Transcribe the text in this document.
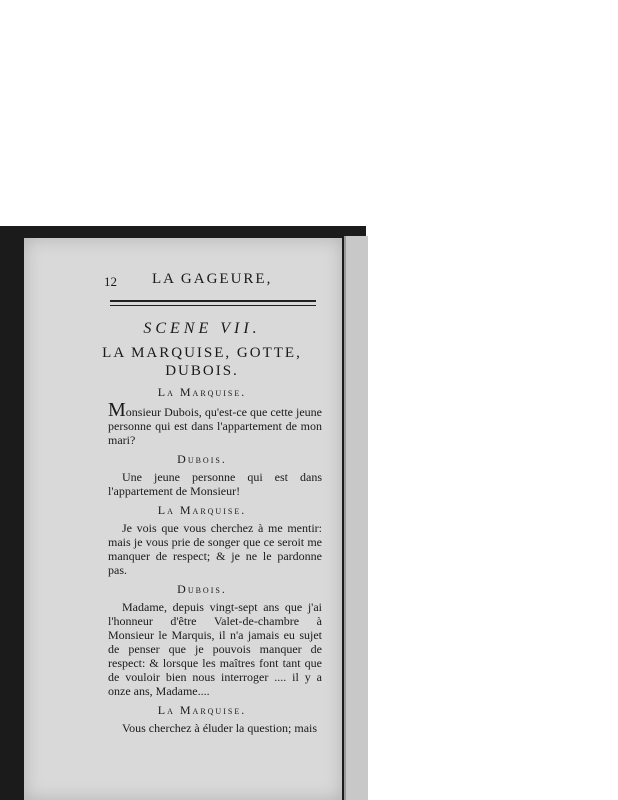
12 LA GAGEURE,
SCENE VII.
LA MARQUISE, GOTTE, DUBOIS.
La Marquise.

Monsieur Dubois, qu'est-ce que cette jeune personne qui est dans l'appartement de mon mari?

Dubois.

Une jeune personne qui est dans l'appartement de Monsieur!

La Marquise.

Je vois que vous cherchez à me mentir: mais je vous prie de songer que ce seroit me manquer de respect; & je ne le pardonne pas.

Dubois.

Madame, depuis vingt-sept ans que j'ai l'honneur d'être Valet-de-chambre à Monsieur le Marquis, il n'a jamais eu sujet de penser que je pouvois manquer de respect: & lorsque les maîtres font tant que de vouloir bien nous interroger .... il y a onze ans, Madame....

La Marquise.

Vous cherchez à éluder la question; mais
